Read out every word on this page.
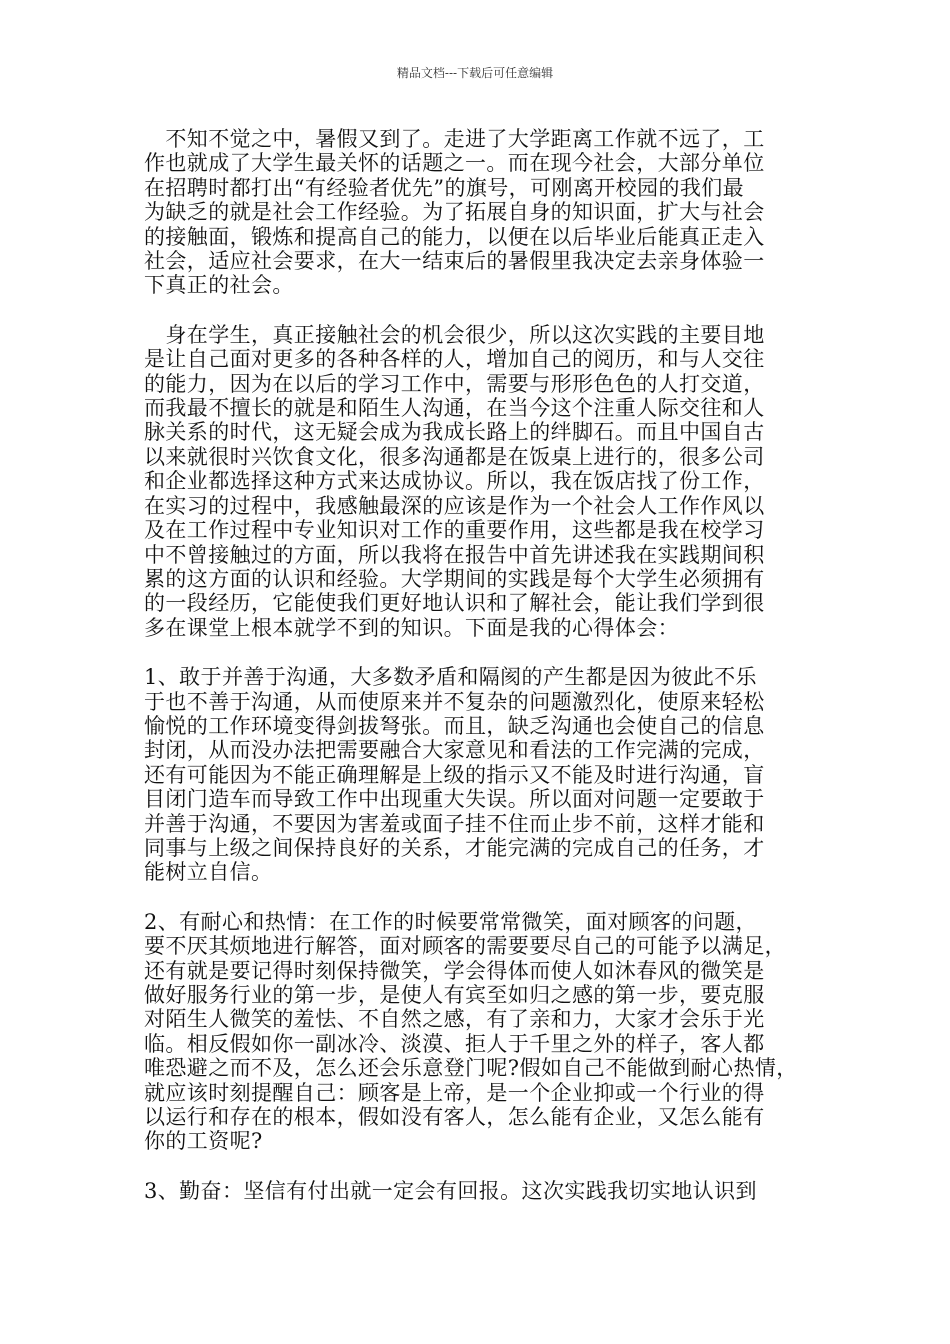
精品文档---下载后可任意编辑

　不知不觉之中，暑假又到了。走进了大学距离工作就不远了，工
作也就成了大学生最关怀的话题之一。而在现今社会，大部分单位
在招聘时都打出“有经验者优先”的旗号，可刚离开校园的我们最
为缺乏的就是社会工作经验。为了拓展自身的知识面，扩大与社会
的接触面，锻炼和提高自己的能力，以便在以后毕业后能真正走入
社会，适应社会要求，在大一结束后的暑假里我决定去亲身体验一
下真正的社会。

　身在学生，真正接触社会的机会很少，所以这次实践的主要目地
是让自己面对更多的各种各样的人，增加自己的阅历，和与人交往
的能力，因为在以后的学习工作中，需要与形形色色的人打交道，
而我最不擅长的就是和陌生人沟通，在当今这个注重人际交往和人
脉关系的时代，这无疑会成为我成长路上的绊脚石。而且中国自古
以来就很时兴饮食文化，很多沟通都是在饭桌上进行的，很多公司
和企业都选择这种方式来达成协议。所以，我在饭店找了份工作，
在实习的过程中，我感触最深的应该是作为一个社会人工作作风以
及在工作过程中专业知识对工作的重要作用，这些都是我在校学习
中不曾接触过的方面，所以我将在报告中首先讲述我在实践期间积
累的这方面的认识和经验。大学期间的实践是每个大学生必须拥有
的一段经历，它能使我们更好地认识和了解社会，能让我们学到很
多在课堂上根本就学不到的知识。下面是我的心得体会：

1、敢于并善于沟通，大多数矛盾和隔阂的产生都是因为彼此不乐
于也不善于沟通，从而使原来并不复杂的问题激烈化，使原来轻松
愉悦的工作环境变得剑拔弩张。而且，缺乏沟通也会使自己的信息
封闭，从而没办法把需要融合大家意见和看法的工作完满的完成，
还有可能因为不能正确理解是上级的指示又不能及时进行沟通，盲
目闭门造车而导致工作中出现重大失误。所以面对问题一定要敢于
并善于沟通，不要因为害羞或面子挂不住而止步不前，这样才能和
同事与上级之间保持良好的关系，才能完满的完成自己的任务，才
能树立自信。

2、有耐心和热情：在工作的时候要常常微笑，面对顾客的问题，
要不厌其烦地进行解答，面对顾客的需要要尽自己的可能予以满足，
还有就是要记得时刻保持微笑，学会得体而使人如沐春风的微笑是
做好服务行业的第一步，是使人有宾至如归之感的第一步，要克服
对陌生人微笑的羞怯、不自然之感，有了亲和力，大家才会乐于光
临。相反假如你一副冰冷、淡漠、拒人于千里之外的样子，客人都
唯恐避之而不及，怎么还会乐意登门呢?假如自己不能做到耐心热情，
就应该时刻提醒自己：顾客是上帝，是一个企业抑或一个行业的得
以运行和存在的根本，假如没有客人，怎么能有企业，又怎么能有
你的工资呢?

3、勤奋：坚信有付出就一定会有回报。这次实践我切实地认识到
